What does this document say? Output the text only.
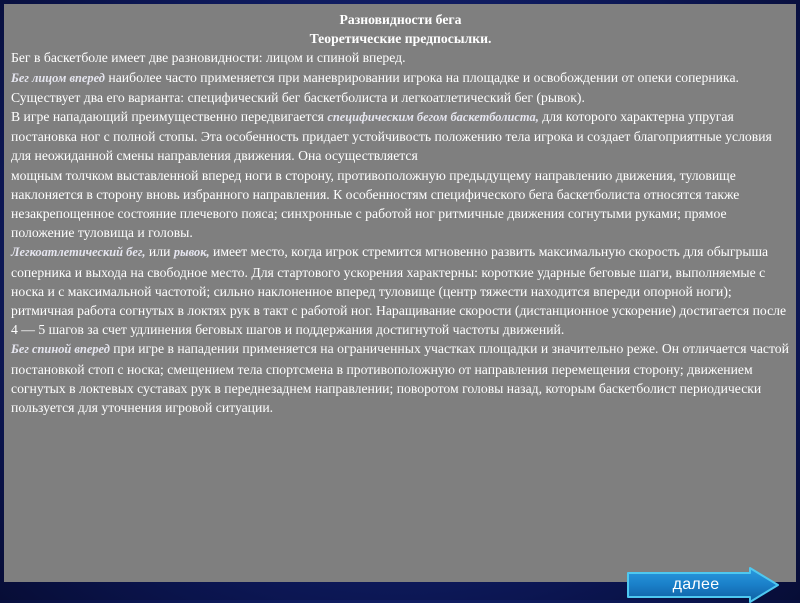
Разновидности бега

Теоретические предпосылки.

Бег в баскетболе имеет две разновидности: лицом и спиной вперед.

Бег лицом вперед наиболее часто применяется при маневрировании игрока на площадке и освобождении от опеки соперника. Существует два его варианта: специфический бег баскетболиста и легкоатлетический бег (рывок).

В игре нападающий преимущественно передвигается специфическим бегом баскетболиста, для которого характерна упругая постановка ног с полной стопы. Эта особенность придает устойчивость положению тела игрока и создает благоприятные условия для неожиданной смены направления движения. Она осуществляется

мощным толчком выставленной вперед ноги в сторону, противоположную предыдущему направлению движения, туловище наклоняется в сторону вновь избранного направления. К особенностям специфического бега баскетболиста относятся также незакрепощенное состояние плечевого пояса; синхронные с работой ног ритмичные движения согнутыми руками; прямое положение туловища и головы.

Легкоатлетический бег, или рывок, имеет место, когда игрок стремится мгновенно развить максимальную скорость для обыгрыша соперника и выхода на свободное место. Для стартового ускорения характерны: короткие ударные беговые шаги, выполняемые с носка и с максимальной частотой; сильно наклоненное вперед туловище (центр тяжести находится впереди опорной ноги); ритмичная работа согнутых в локтях рук в такт с работой ног. Наращивание скорости (дистанционное ускорение) достигается после 4 — 5 шагов за счет удлинения беговых шагов и поддержания достигнутой частоты движений.

Бег спиной вперед при игре в нападении применяется на ограниченных участках площадки и значительно реже. Он отличается частой постановкой стоп с носка; смещением тела спортсмена в противоположную от направления перемещения сторону; движением согнутых в локтевых суставах рук в переднезаднем направлении; поворотом головы назад, которым баскетболист периодически пользуется для уточнения игровой ситуации.

далее
